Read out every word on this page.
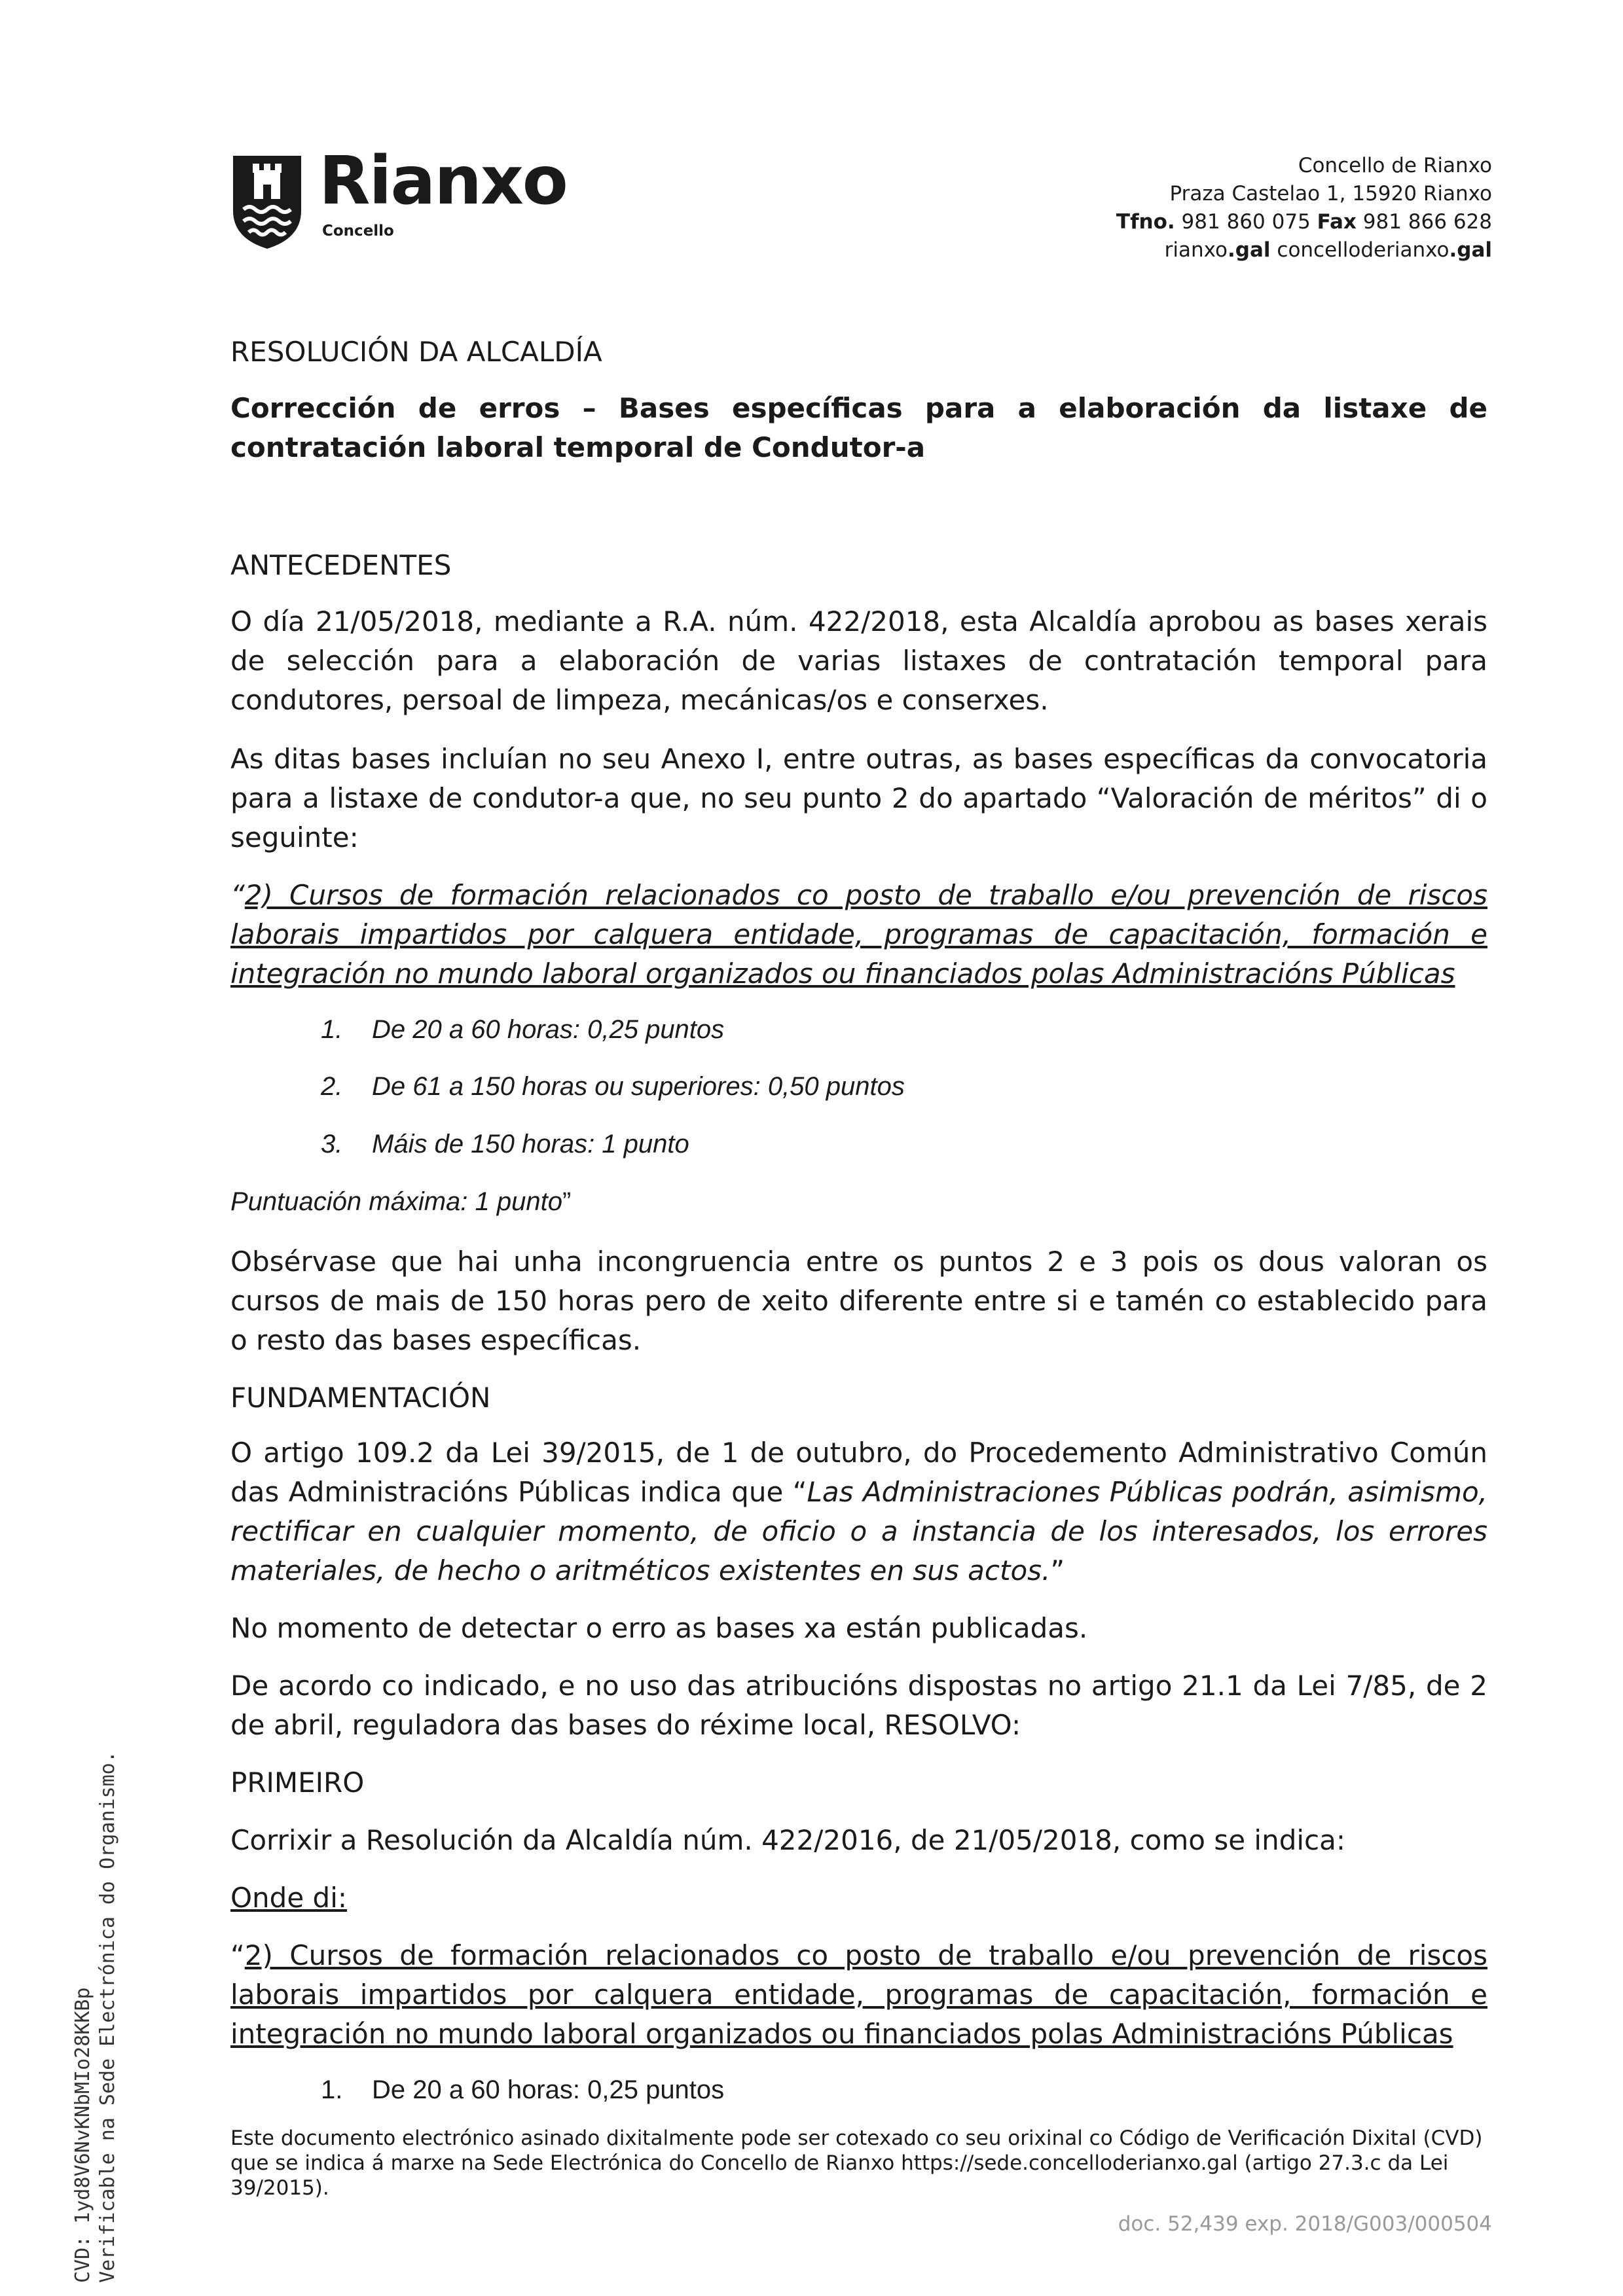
Rianxo
Concello
Concello de Rianxo
Praza Castelao 1, 15920 Rianxo
Tfno. 981 860 075 Fax 981 866 628
rianxo.gal concelloderianxo.gal
RESOLUCIÓN DA ALCALDÍA

Corrección de erros – Bases específicas para a elaboración da listaxe de contratación laboral temporal de Condutor-a

ANTECEDENTES

O día 21/05/2018, mediante a R.A. núm. 422/2018, esta Alcaldía aprobou as bases xerais de selección para a elaboración de varias listaxes de contratación temporal para condutores, persoal de limpeza, mecánicas/os e conserxes.

As ditas bases incluían no seu Anexo I, entre outras, as bases específicas da convocatoria para a listaxe de condutor-a que, no seu punto 2 do apartado “Valoración de méritos” di o seguinte:

“2) Cursos de formación relacionados co posto de traballo e/ou prevención de riscos laborais impartidos por calquera entidade, programas de capacitación, formación e integración no mundo laboral organizados ou financiados polas Administracións Públicas

1. De 20 a 60 horas: 0,25 puntos
2. De 61 a 150 horas ou superiores: 0,50 puntos
3. Máis de 150 horas: 1 punto
Puntuación máxima: 1 punto”

Obsérvase que hai unha incongruencia entre os puntos 2 e 3 pois os dous valoran os cursos de mais de 150 horas pero de xeito diferente entre si e tamén co establecido para o resto das bases específicas.

FUNDAMENTACIÓN

O artigo 109.2 da Lei 39/2015, de 1 de outubro, do Procedemento Administrativo Común das Administracións Públicas indica que “Las Administraciones Públicas podrán, asimismo, rectificar en cualquier momento, de oficio o a instancia de los interesados, los errores materiales, de hecho o aritméticos existentes en sus actos.”

No momento de detectar o erro as bases xa están publicadas.

De acordo co indicado, e no uso das atribucións dispostas no artigo 21.1 da Lei 7/85, de 2 de abril, reguladora das bases do réxime local, RESOLVO:

PRIMEIRO
Corrixir a Resolución da Alcaldía núm. 422/2016, de 21/05/2018, como se indica:
Onde di:

“2) Cursos de formación relacionados co posto de traballo e/ou prevención de riscos laborais impartidos por calquera entidade, programas de capacitación, formación e integración no mundo laboral organizados ou financiados polas Administracións Públicas

1. De 20 a 60 horas: 0,25 puntos
Este documento electrónico asinado dixitalmente pode ser cotexado co seu orixinal co Código de Verificación Dixital (CVD) que se indica á marxe na Sede Electrónica do Concello de Rianxo https://sede.concelloderianxo.gal (artigo 27.3.c da Lei 39/2015).
doc. 52,439 exp. 2018/G003/000504
CVD: 1yd8V6NvKNbMIo28KKBp Verificable na Sede Electrónica do Organismo.
